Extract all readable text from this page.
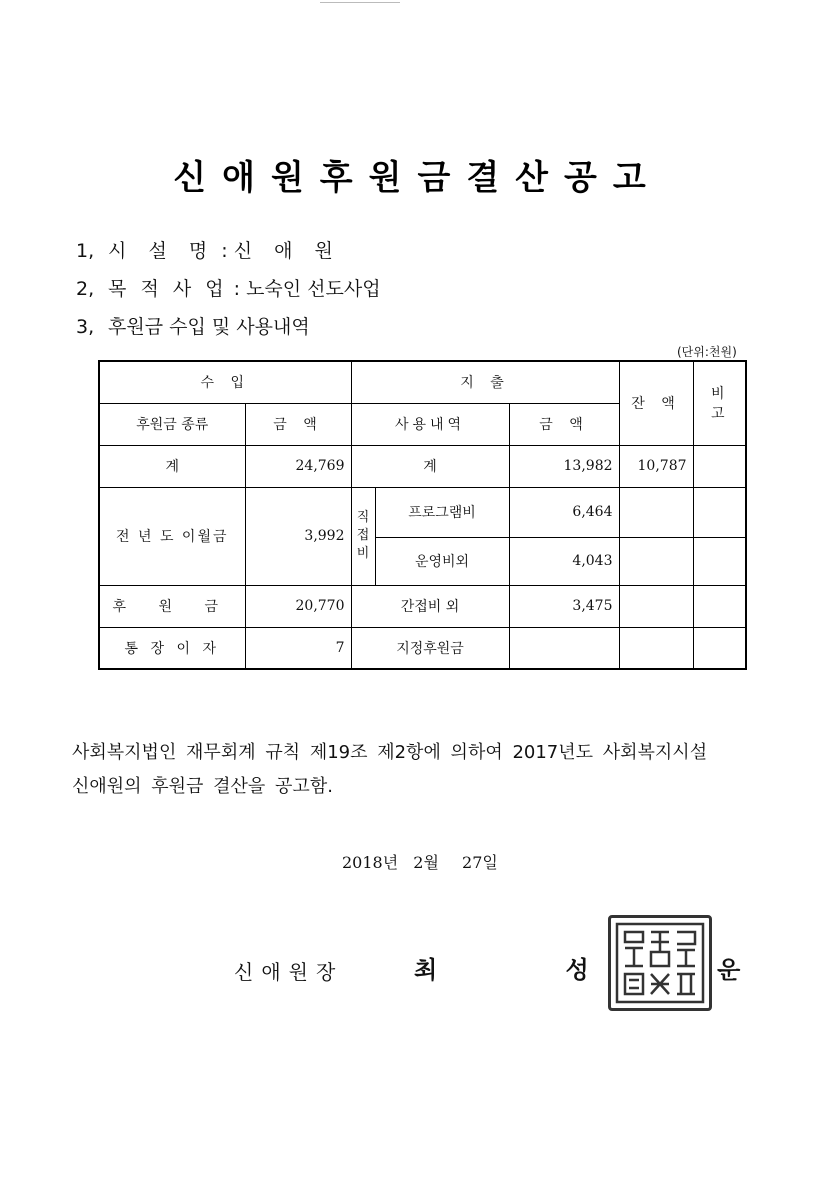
신애원후원금결산공고
1, 시 설 명 : 신 애 원
2, 목 적 사 업 : 노숙인 선도사업
3, 후원금 수입 및 사용내역
(단위:천원)
수 입		지 출			잔 액	비 고
후원금 종류	금 액	사용내역		금 액		
계	24,769	계		13,982	10,787	
전 년 도 이월금	3,992	직접비	프로그램비	6,464		
			운영비외	4,043		
후 원 금	20,770	간접비 외		3,475		
통 장 이 자	7	지정후원금				
사회복지법인 재무회계 규칙 제19조 제2항에 의하여 2017년도 사회복지시설
신애원의 후원금 결산을 공고함.
2018년 2월 27일
신애원장	최 성 운
